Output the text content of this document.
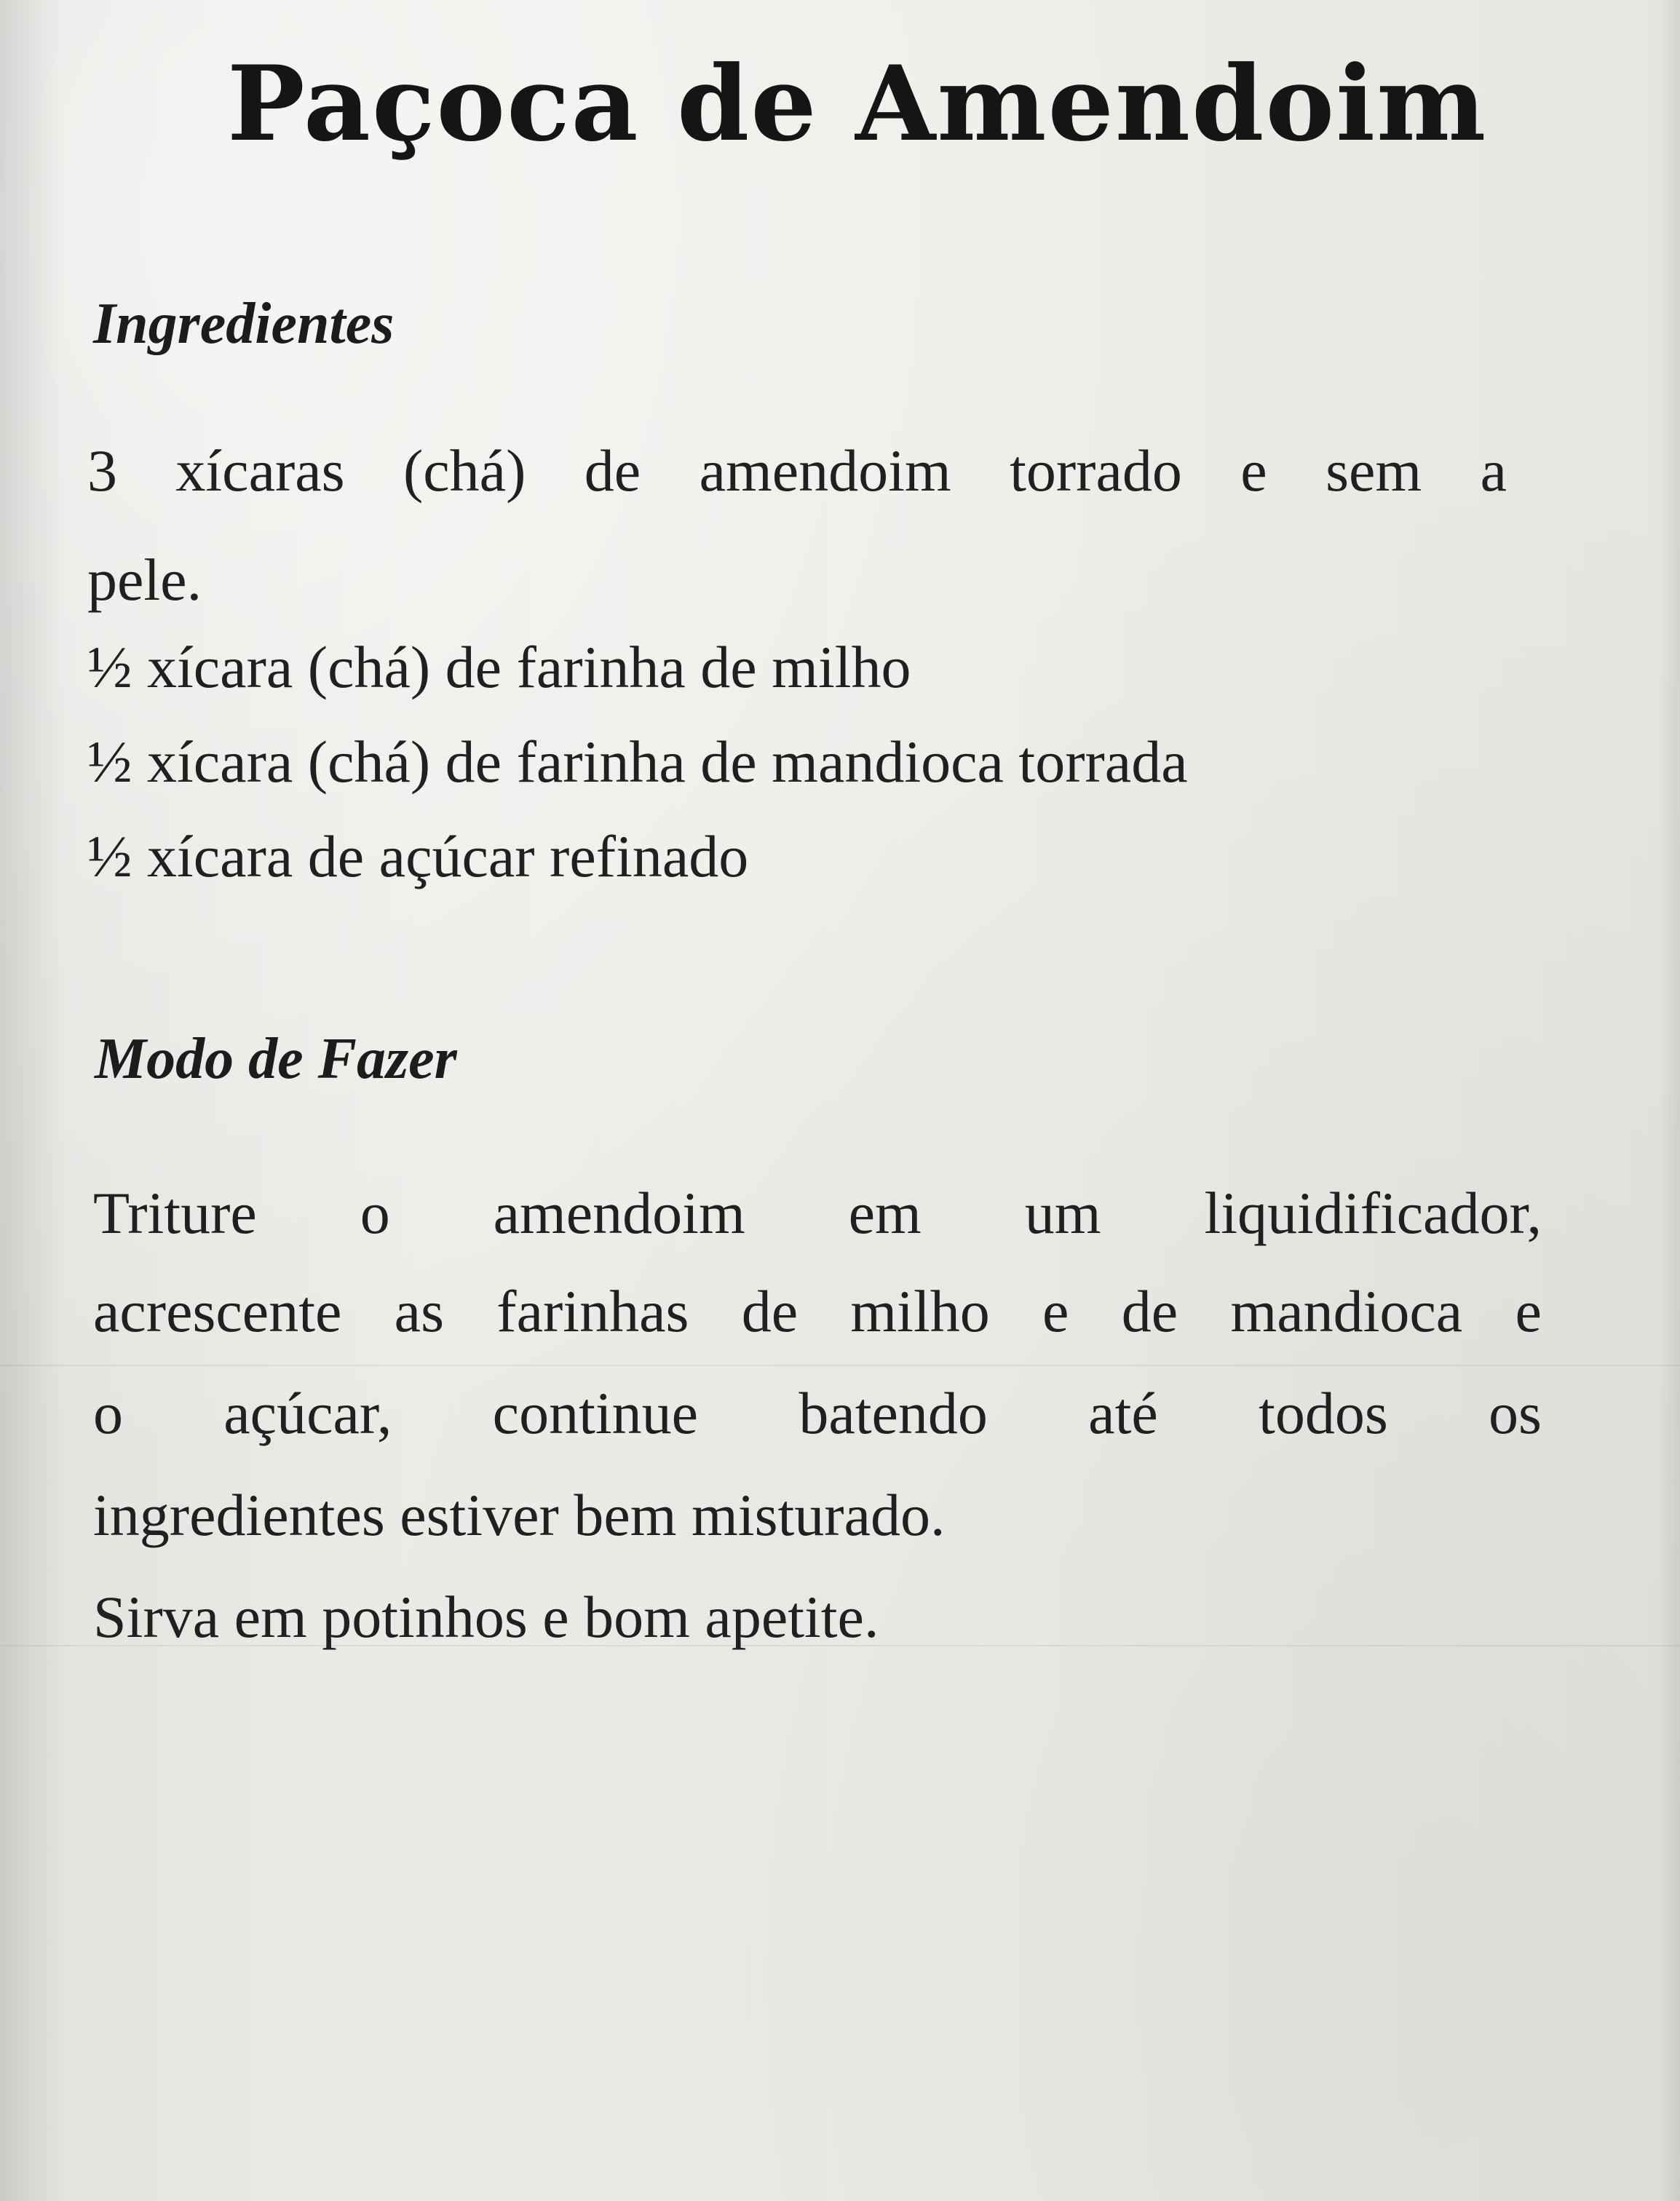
Paçoca de Amendoim
Ingredientes
3 xícaras (chá) de amendoim torrado e sem a

pele.

½ xícara (chá) de farinha de milho

½ xícara (chá) de farinha de mandioca torrada

½ xícara de açúcar refinado

Modo de Fazer
Triture o amendoim em um liquidificador,
acrescente as farinhas de milho e de mandioca e
o açúcar, continue batendo até todos os

ingredientes estiver bem misturado.

Sirva em potinhos e bom apetite.
